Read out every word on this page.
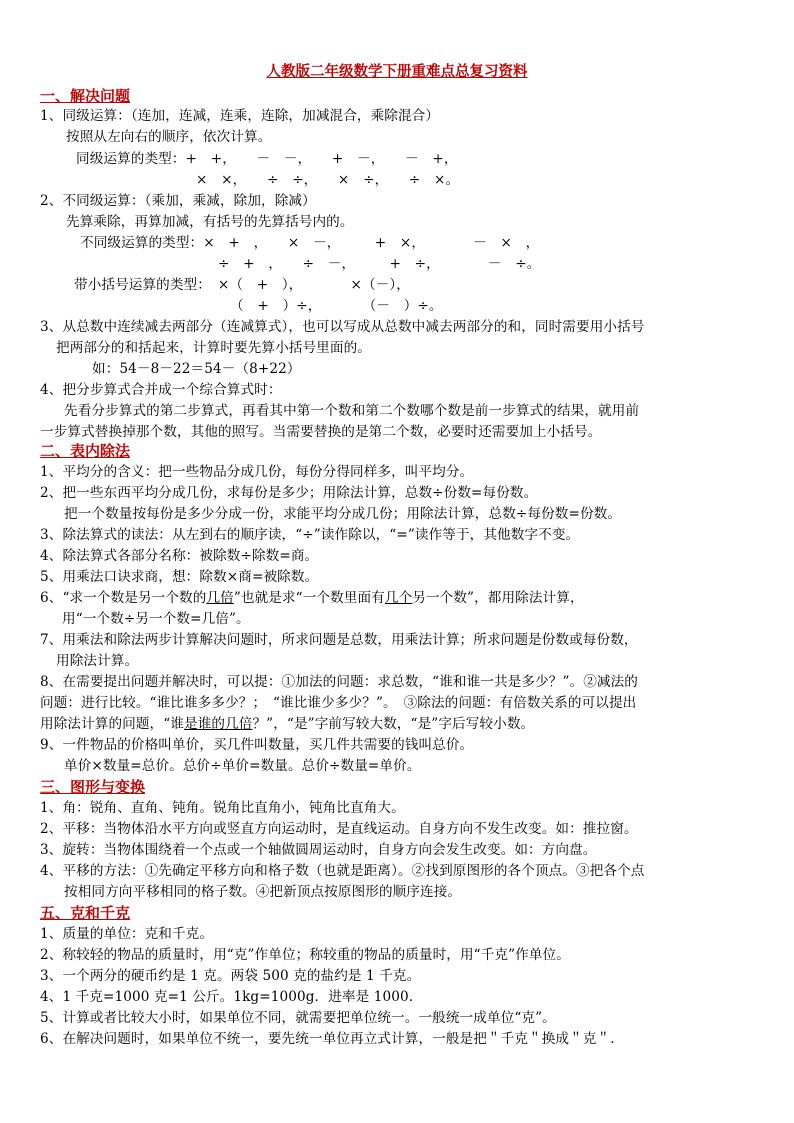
人教版二年级数学下册重难点总复习资料
一、解决问题
1、同级运算：（连加，连减，连乘，连除，加减混合，乘除混合）
按照从左向右的顺序，依次计算。
同级运算的类型：+　+，　　－　－，　　+　－，　　－　+，
×　×，　　÷　÷，　　×　÷，　　÷　×。
2、不同级运算：（乘加，乘减，除加，除减）
先算乘除，再算加减，有括号的先算括号内的。
不同级运算的类型：×　+　，　　×　－，　　　+　×，　　　　－　×　，
÷　+　，　　÷　－，　　　+　÷，　　　　－　÷。
带小括号运算的类型：　×（　+　），　　　　×（－），
（　+　）÷，　　　　（－　）÷。
3、从总数中连续减去两部分（连减算式），也可以写成从总数中减去两部分的和，同时需要用小括号
把两部分的和括起来，计算时要先算小括号里面的。
如：54－8－22＝54－（8+22）
4、把分步算式合并成一个综合算式时：
先看分步算式的第二步算式，再看其中第一个数和第二个数哪个数是前一步算式的结果，就用前
一步算式替换掉那个数，其他的照写。当需要替换的是第二个数，必要时还需要加上小括号。
二、表内除法
1、平均分的含义：把一些物品分成几份，每份分得同样多，叫平均分。
2、把一些东西平均分成几份，求每份是多少；用除法计算，总数÷份数=每份数。
把一个数量按每份是多少分成一份，求能平均分成几份；用除法计算，总数÷每份数=份数。
3、除法算式的读法：从左到右的顺序读，“÷”读作除以，“=”读作等于，其他数字不变。
4、除法算式各部分名称：被除数÷除数=商。
5、用乘法口诀求商，想：除数×商=被除数。
6、“求一个数是另一个数的几倍”也就是求“一个数里面有几个另一个数”，都用除法计算，
用“一个数÷另一个数=几倍”。
7、用乘法和除法两步计算解决问题时，所求问题是总数，用乘法计算；所求问题是份数或每份数，
用除法计算。
8、在需要提出问题并解决时，可以提：①加法的问题：求总数，“谁和谁一共是多少？”。②减法的
问题：进行比较。“谁比谁多多少？；　“谁比谁少多少？”。　③除法的问题：有倍数关系的可以提出
用除法计算的问题，“谁是谁的几倍？”，“是”字前写较大数，“是”字后写较小数。
9、一件物品的价格叫单价，买几件叫数量，买几件共需要的钱叫总价。
单价×数量=总价。总价÷单价=数量。总价÷数量=单价。
三、图形与变换
1、角：锐角、直角、钝角。锐角比直角小，钝角比直角大。
2、平移：当物体沿水平方向或竖直方向运动时，是直线运动。自身方向不发生改变。如：推拉窗。
3、旋转：当物体围绕着一个点或一个轴做圆周运动时，自身方向会发生改变。如：方向盘。
4、平移的方法：①先确定平移方向和格子数（也就是距离）。②找到原图形的各个顶点。③把各个点
按相同方向平移相同的格子数。④把新顶点按原图形的顺序连接。
五、克和千克
1、质量的单位：克和千克。
2、称较轻的物品的质量时，用“克”作单位；称较重的物品的质量时，用“千克”作单位。
3、一个两分的硬币约是 1 克。两袋 500 克的盐约是 1 千克。
4、1 千克=1000 克=1 公斤。1kg=1000g．进率是 1000.
5、计算或者比较大小时，如果单位不同，就需要把单位统一。一般统一成单位“克”。
6、在解决问题时，如果单位不统一，要先统一单位再立式计算，一般是把＂千克＂换成＂克＂.
